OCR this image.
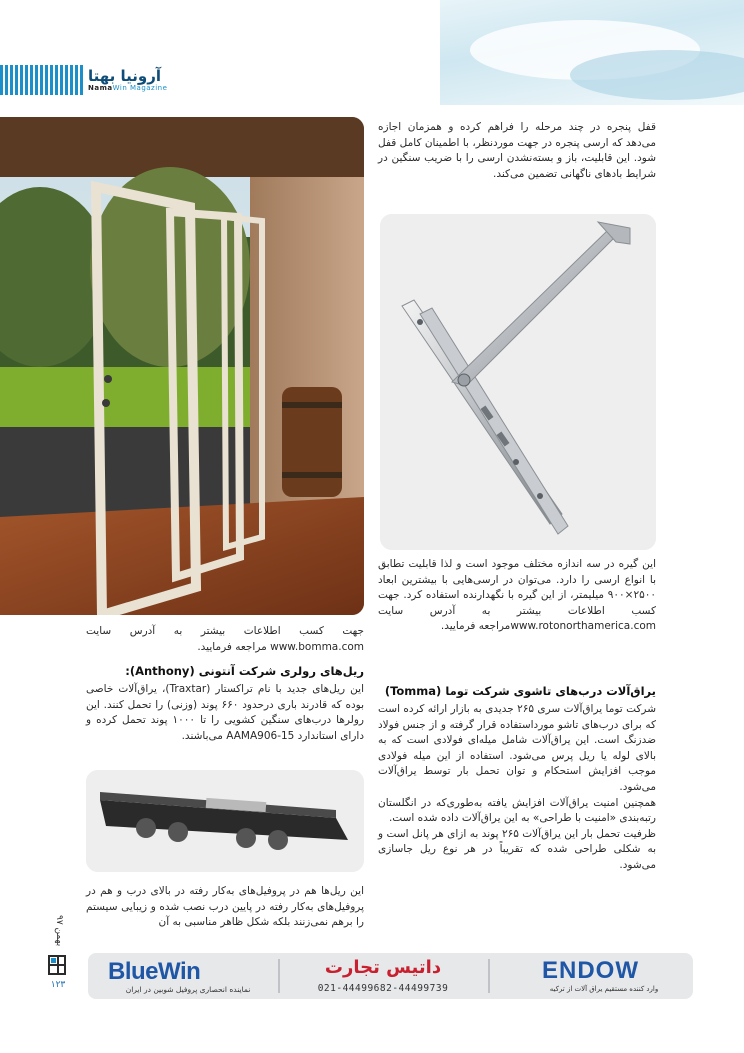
آرونیا بهتا
NamaWin Magazine

قفل پنجره در چند مرحله را فراهم کرده و همزمان اجازه می‌دهد که ارسی پنجره در جهت موردنظر، با اطمینان کامل قفل شود. این قابلیت، باز و بسته‌نشدن ارسی را با ضریب سنگین در شرایط بادهای ناگهانی تضمین می‌کند.

این گیره در سه اندازه مختلف موجود است و لذا قابلیت تطابق با انواع ارسی را دارد. می‌توان در ارسی‌هایی با بیشترین ابعاد ۲۵۰۰×۹۰۰ میلیمتر، از این گیره با نگهدارنده استفاده کرد. جهت کسب اطلاعات بیشتر به آدرس سایت www.rotonorthamerica.comمراجعه فرمایید.

یراق‌آلات درب‌های تاشوی شرکت توما (Tomma)

شرکت توما یراق‌آلات سری ۲۶۵ جدیدی به بازار ارائه کرده است که برای درب‌های تاشو مورداستفاده قرار گرفته و از جنس فولاد ضدزنگ است. این یراق‌آلات شامل میله‌ای فولادی است که به بالای لوله یا ریل پرس می‌شود. استفاده از این میله فولادی موجب افزایش استحکام و توان تحمل بار توسط یراق‌آلات می‌شود.

همچنین امنیت یراق‌آلات افزایش یافته به‌طوری‌که در انگلستان رتبه‌بندی «امنیت با طراحی» به این یراق‌آلات داده شده است.

ظرفیت تحمل بار این یراق‌آلات ۲۶۵ پوند به ازای هر پانل است و به شکلی طراحی شده که تقریباً در هر نوع ریل جاسازی می‌شود.

جهت کسب اطلاعات بیشتر به آدرس سایت www.bomma.com مراجعه فرمایید.

ریل‌های رولری شرکت آنتونی (Anthony):

این ریل‌های جدید با نام تراکستار (Traxtar)، یراق‌آلات خاصی بوده که قادرند باری درحدود ۶۶۰ پوند (وزنی) را تحمل کنند. این رولرها درب‌های سنگین کشویی را تا ۱۰۰۰ پوند تحمل کرده و دارای استاندارد AAMA906-15 می‌باشند.

این ریل‌ها هم در پروفیل‌های به‌کار رفته در بالای درب و هم در پروفیل‌های به‌کار رفته در پایین درب نصب شده و زیبایی سیستم را برهم نمی‌زنند بلکه شکل ظاهر مناسبی به آن

بهمن ۹۷
۱۲۳ BlueWin
نماینده انحصاری پروفیل شوبین در ایران
داتیس تجارت
021-44499682-44499739
ENDOW
وارد کننده مستقیم یراق آلات از ترکیه
